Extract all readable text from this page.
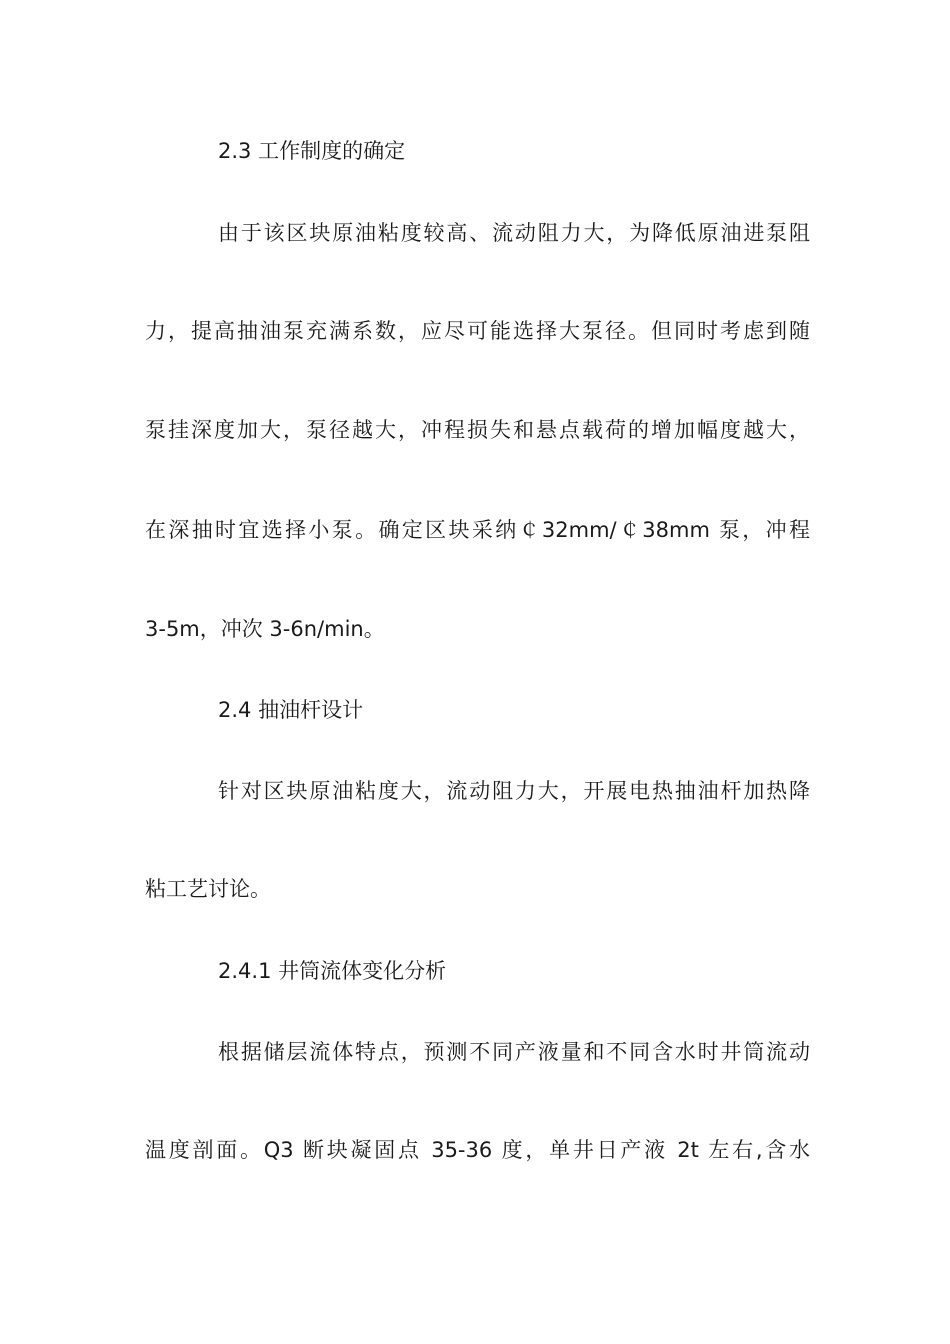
2.3 工作制度的确定
由于该区块原油粘度较高、流动阻力大，为降低原油进泵阻
力，提高抽油泵充满系数，应尽可能选择大泵径。但同时考虑到随
泵挂深度加大，泵径越大，冲程损失和悬点载荷的增加幅度越大，
在深抽时宜选择小泵。确定区块采纳￠32mm/￠38mm 泵，冲程
3-5m，冲次 3-6n/min。
2.4 抽油杆设计
针对区块原油粘度大，流动阻力大，开展电热抽油杆加热降
粘工艺讨论。
2.4.1 井筒流体变化分析
根据储层流体特点，预测不同产液量和不同含水时井筒流动
温度剖面。Q3 断块凝固点 35-36 度，单井日产液 2t 左右,含水
